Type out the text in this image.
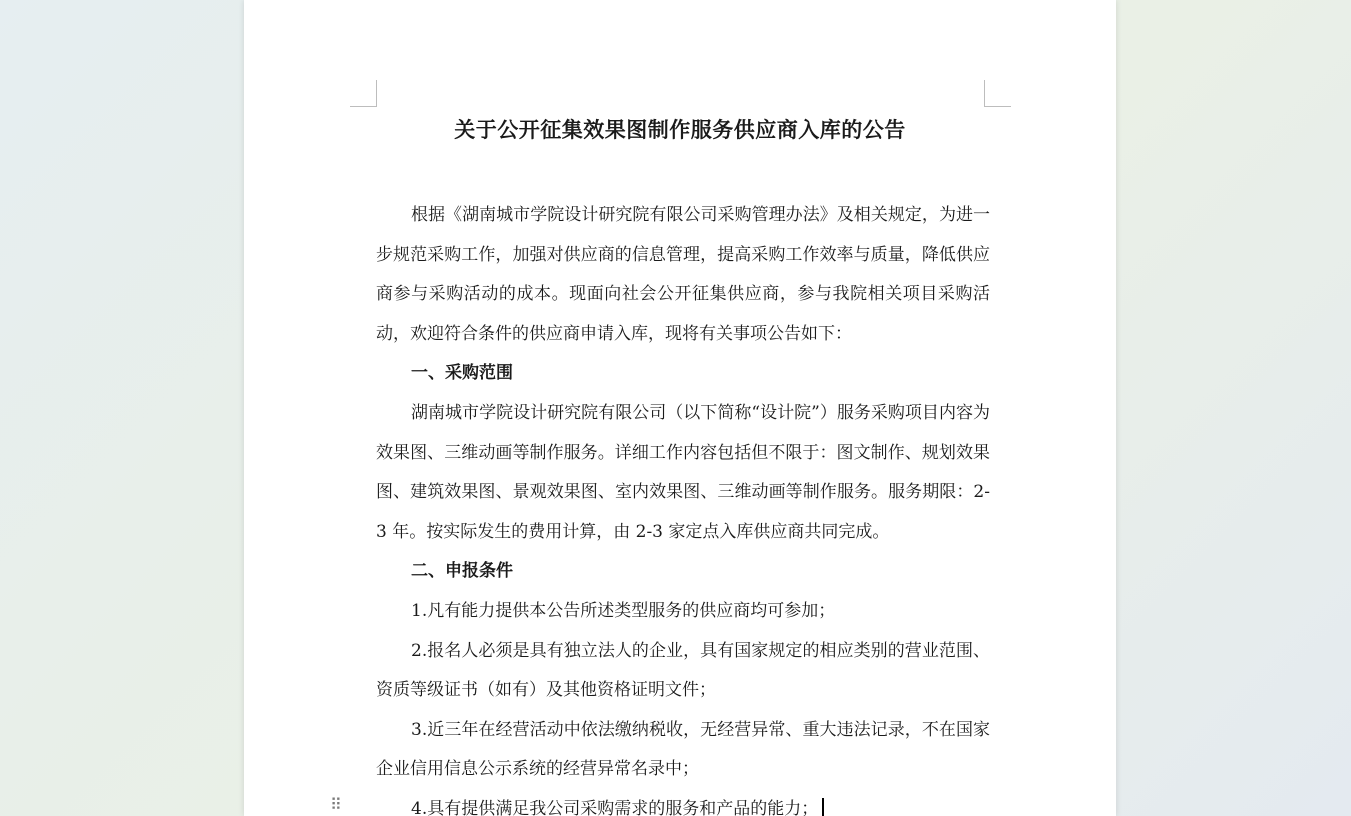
关于公开征集效果图制作服务供应商入库的公告

根据《湖南城市学院设计研究院有限公司采购管理办法》及相关规定，为进一步规范采购工作，加强对供应商的信息管理，提高采购工作效率与质量，降低供应商参与采购活动的成本。现面向社会公开征集供应商，参与我院相关项目采购活动，欢迎符合条件的供应商申请入库，现将有关事项公告如下：

一、采购范围

湖南城市学院设计研究院有限公司（以下简称“设计院”）服务采购项目内容为效果图、三维动画等制作服务。详细工作内容包括但不限于：图文制作、规划效果图、建筑效果图、景观效果图、室内效果图、三维动画等制作服务。服务期限：2-3 年。按实际发生的费用计算，由 2-3 家定点入库供应商共同完成。

二、申报条件

1.凡有能力提供本公告所述类型服务的供应商均可参加；

2.报名人必须是具有独立法人的企业，具有国家规定的相应类别的营业范围、资质等级证书（如有）及其他资格证明文件；

3.近三年在经营活动中依法缴纳税收，无经营异常、重大违法记录，不在国家企业信用信息公示系统的经营异常名录中；

4.具有提供满足我公司采购需求的服务和产品的能力；

⠿
